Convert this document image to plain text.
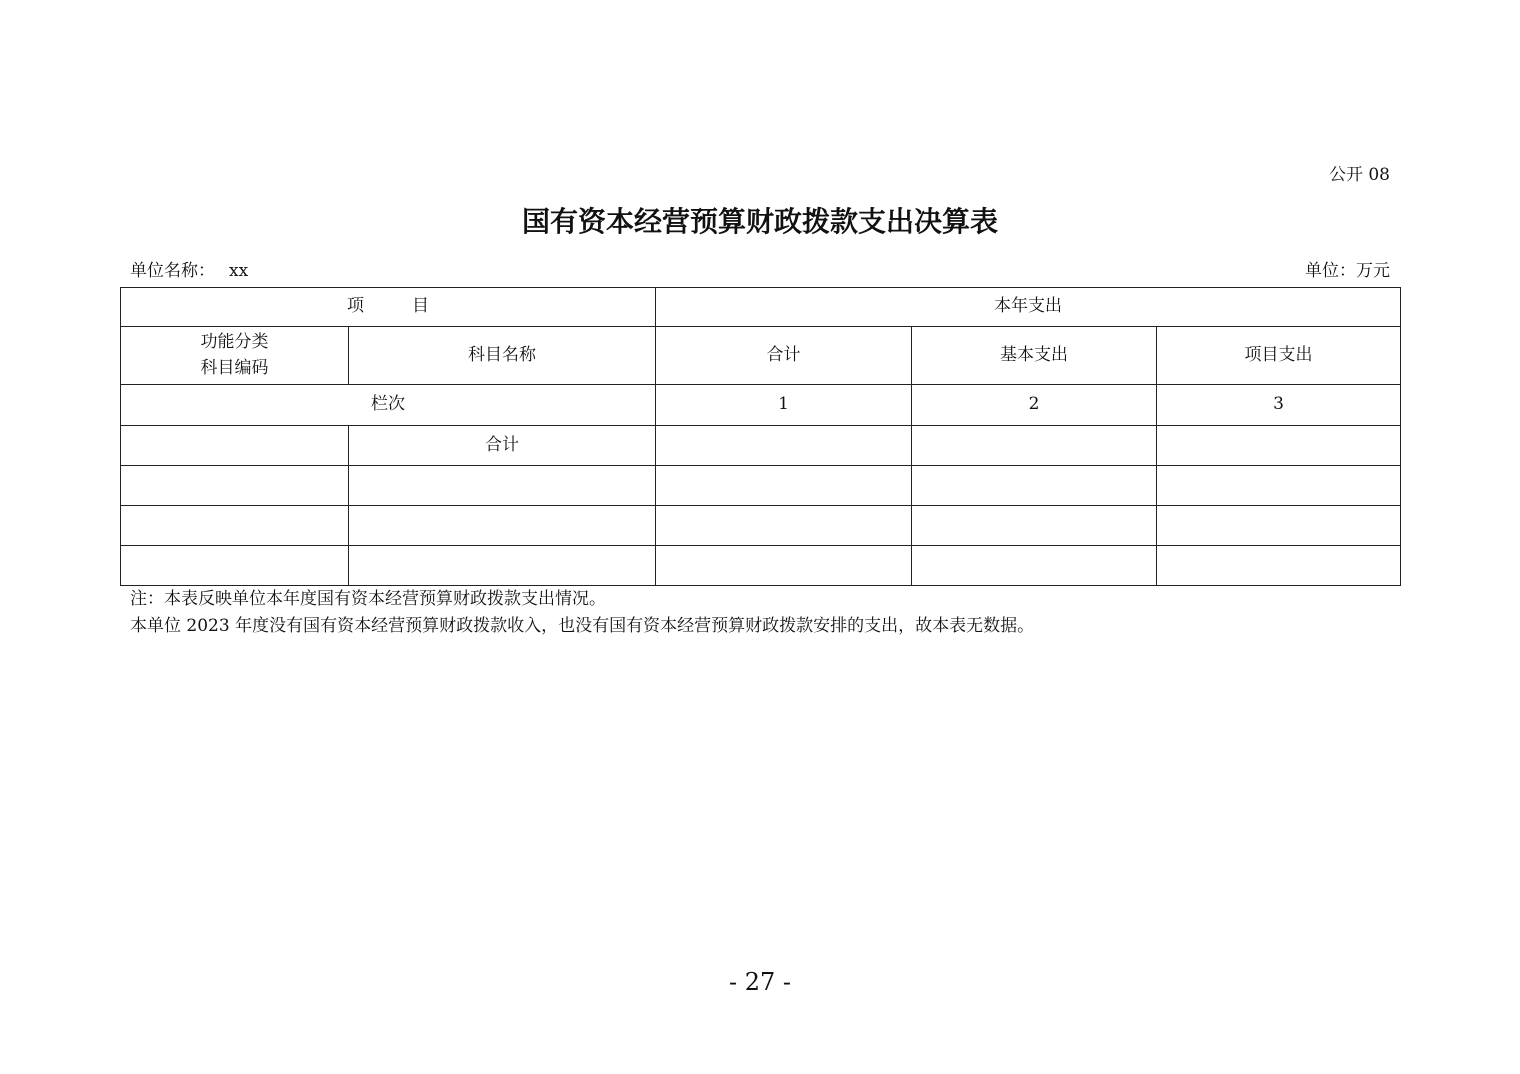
公开 08
国有资本经营预算财政拨款支出决算表
单位名称： xx	单位：万元
项 目		本年支出		

功能分类
科目编码	科目名称	合计	基本支出	项目支出
栏次		1	2	3
	合计			

注：本表反映单位本年度国有资本经营预算财政拨款支出情况。
本单位 2023 年度没有国有资本经营预算财政拨款收入，也没有国有资本经营预算财政拨款安排的支出，故本表无数据。
- 27 -
